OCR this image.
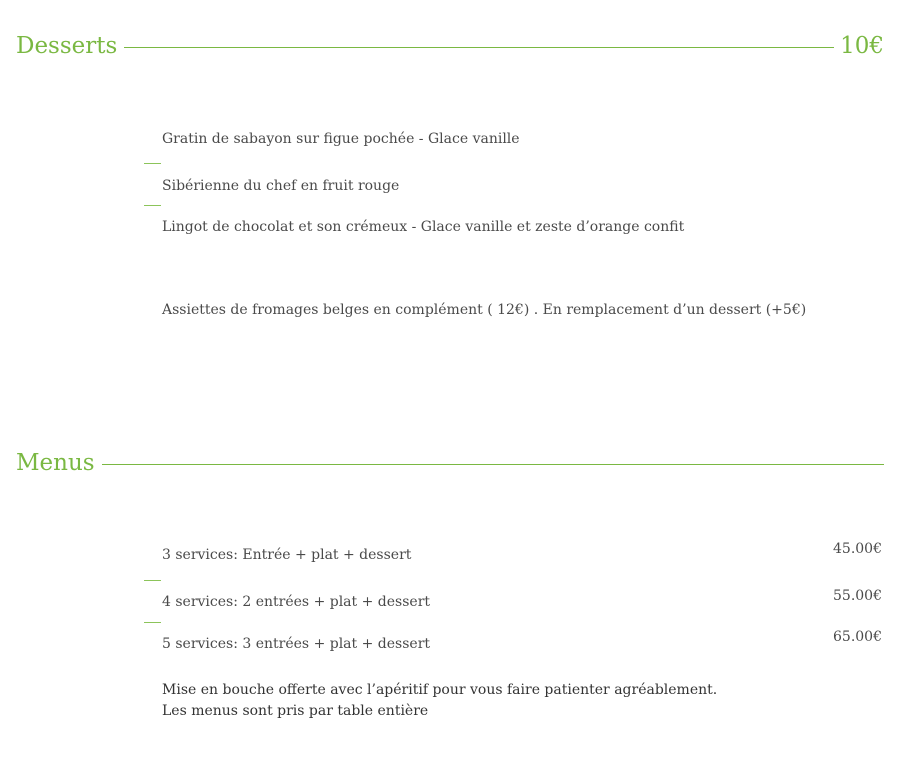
Desserts	10€
Gratin de sabayon sur figue pochée - Glace vanille
Sibérienne du chef en fruit rouge
Lingot de chocolat et son crémeux - Glace vanille et zeste d’orange confit
Assiettes de fromages belges en complément ( 12€) . En remplacement d’un dessert (+5€)
Menus
3 services: Entrée + plat + dessert	45.00€
4 services: 2 entrées + plat + dessert	55.00€
5 services: 3 entrées + plat + dessert	65.00€
Mise en bouche offerte avec l’apéritif pour vous faire patienter agréablement.
Les menus sont pris par table entière
